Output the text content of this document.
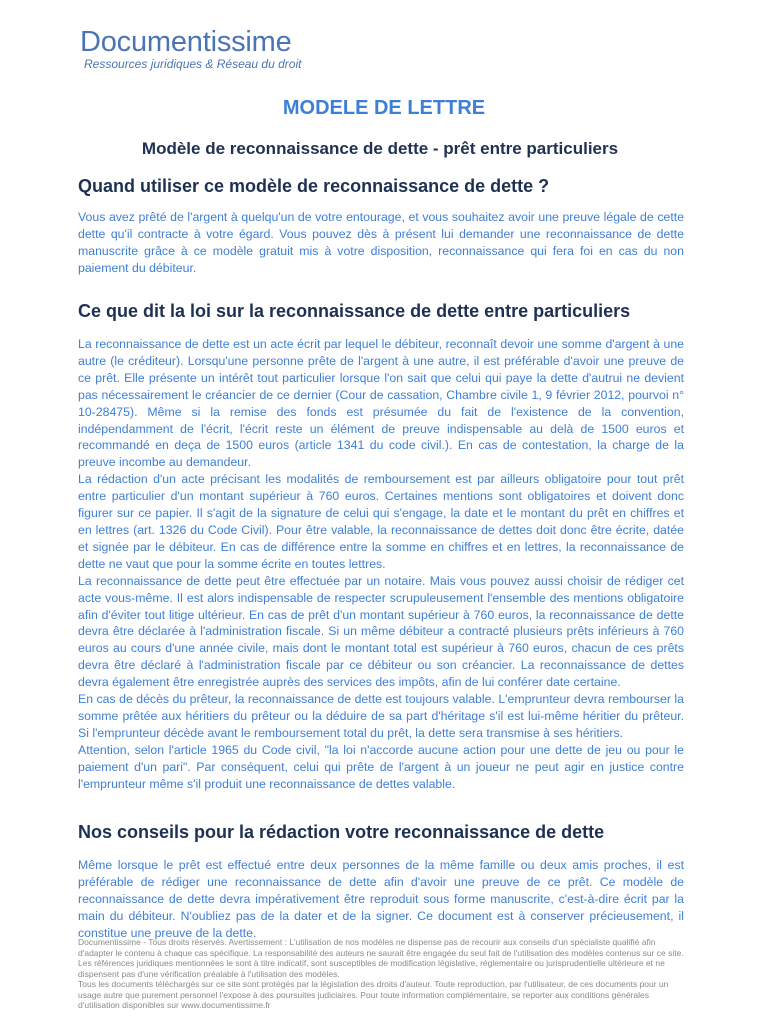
Documentissime
Ressources juridiques & Réseau du droit
MODELE DE LETTRE
Modèle de reconnaissance de dette - prêt entre particuliers
Quand utiliser ce modèle de reconnaissance de dette ?

Vous avez prêté de l'argent à quelqu'un de votre entourage, et vous souhaitez avoir une preuve légale de cette dette qu'il contracte à votre égard. Vous pouvez dès à présent lui demander une reconnaissance de dette manuscrite grâce à ce modèle gratuit mis à votre disposition, reconnaissance qui fera foi en cas du non paiement du débiteur.

Ce que dit la loi sur la reconnaissance de dette entre particuliers

La reconnaissance de dette est un acte écrit par lequel le débiteur, reconnaît devoir une somme d'argent à une autre (le créditeur). Lorsqu'une personne prête de l'argent à une autre, il est préférable d'avoir une preuve de ce prêt. Elle présente un intérêt tout particulier lorsque l'on sait que celui qui paye la dette d'autrui ne devient pas nécessairement le créancier de ce dernier (Cour de cassation, Chambre civile 1, 9 février 2012, pourvoi n° 10-28475). Même si la remise des fonds est présumée du fait de l'existence de la convention, indépendamment de l'écrit, l'écrit reste un élément de preuve indispensable au delà de 1500 euros et recommandé en deça de 1500 euros (article 1341 du code civil.). En cas de contestation, la charge de la preuve incombe au demandeur.

La rédaction d'un acte précisant les modalités de remboursement est par ailleurs obligatoire pour tout prêt entre particulier d'un montant supérieur à 760 euros. Certaines mentions sont obligatoires et doivent donc figurer sur ce papier. Il s'agit de la signature de celui qui s'engage, la date et le montant du prêt en chiffres et en lettres (art. 1326 du Code Civil). Pour être valable, la reconnaissance de dettes doit donc être écrite, datée et signée par le débiteur. En cas de différence entre la somme en chiffres et en lettres, la reconnaissance de dette ne vaut que pour la somme écrite en toutes lettres.

La reconnaissance de dette peut être effectuée par un notaire. Mais vous pouvez aussi choisir de rédiger cet acte vous-même. Il est alors indispensable de respecter scrupuleusement l'ensemble des mentions obligatoire afin d'éviter tout litige ultérieur. En cas de prêt d'un montant supérieur à 760 euros, la reconnaissance de dette devra être déclarée à l'administration fiscale. Si un même débiteur a contracté plusieurs prêts inférieurs à 760 euros au cours d'une année civile, mais dont le montant total est supérieur à 760 euros, chacun de ces prêts devra être déclaré à l'administration fiscale par ce débiteur ou son créancier. La reconnaissance de dettes devra également être enregistrée auprès des services des impôts, afin de lui conférer date certaine.

En cas de décès du prêteur, la reconnaissance de dette est toujours valable. L'emprunteur devra rembourser la somme prêtée aux héritiers du prêteur ou la déduire de sa part d'héritage s'il est lui-même héritier du prêteur. Si l'emprunteur décède avant le remboursement total du prêt, la dette sera transmise à ses héritiers.

Attention, selon l'article 1965 du Code civil, "la loi n'accorde aucune action pour une dette de jeu ou pour le paiement d'un pari". Par conséquent, celui qui prête de l'argent à un joueur ne peut agir en justice contre l'emprunteur même s'il produit une reconnaissance de dettes valable.

Nos conseils pour la rédaction votre reconnaissance de dette

Même lorsque le prêt est effectué entre deux personnes de la même famille ou deux amis proches, il est préférable de rédiger une reconnaissance de dette afin d'avoir une preuve de ce prêt. Ce modèle de reconnaissance de dette devra impérativement être reproduit sous forme manuscrite, c'est-à-dire écrit par la main du débiteur. N'oubliez pas de la dater et de la signer. Ce document est à conserver précieusement, il constitue une preuve de la dette.

Documentissime - Tous droits réservés. Avertissement : L'utilisation de nos modèles ne dispense pas de recourir aux conseils d'un spécialiste qualifié afin d'adapter le contenu à chaque cas spécifique. La responsabilité des auteurs ne saurait être engagée du seul fait de l'utilisation des modèles contenus sur ce site. Les références juridiques mentionnées le sont à titre indicatif, sont susceptibles de modification législative, réglementaire ou jurisprudentielle ultérieure et ne dispensent pas d'une vérification préalable à l'utilisation des modèles.
Tous les documents téléchargés sur ce site sont protégés par la législation des droits d'auteur. Toute reproduction, par l'utilisateur, de ces documents pour un usage autre que purement personnel l'expose à des poursuites judiciaires. Pour toute information complémentaire, se reporter aux conditions générales d'utilisation disponibles sur www.documentissime.fr
